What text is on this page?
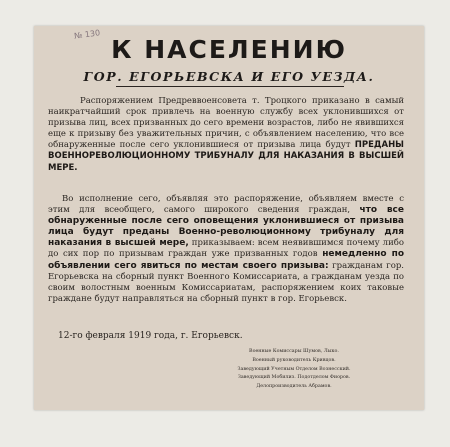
№ 130
К НАСЕЛЕНИЮ
ГОР. ЕГОРЬЕВСКА И ЕГО УЕЗДА.

Распоряжением Предреввоенсовета т. Троцкого приказано в самый наикратчайший срок привлечь на военную службу всех уклонившихся от призыва лиц, всех призванных до сего времени возрастов, либо не явившихся еще к призыву без уважительных причин, с объявлением населению, что все обнаруженные после сего уклонившиеся от призыва лица будут ПРЕДАНЫ ВОЕННОРЕВОЛЮЦИОННОМУ ТРИБУНАЛУ ДЛЯ НАКАЗАНИЯ В ВЫСШЕЙ МЕРЕ.

Во исполнение сего, объявляя это распоряжение, объявляем вместе с этим для всеобщего, самого широкого сведения граждан, что все обнаруженные после сего оповещения уклонившиеся от призыва лица будут преданы Военно-революционному трибуналу для наказания в высшей мере, приказываем: всем неявившимся почему либо до сих пор по призывам граждан уже призванных годов немедленно по объявлении сего явиться по местам своего призыва: гражданам гор. Егорьевска на сборный пункт Военного Комиссариата, а гражданам уезда по своим волостным военным Комиссариатам, распоряжением коих таковые граждане будут направляться на сборный пункт в гор. Егорьевск.

12-го февраля 1919 года, г. Егорьевск.
Военные Комиссары Шумов, Лыко.
Военный руководитель Кривцов.
Заведующий Учетным Отделом Вознесский.
Заведующий Мобилиз. Подотделом Фиоров.
Делопроизводитель Абрамов.
